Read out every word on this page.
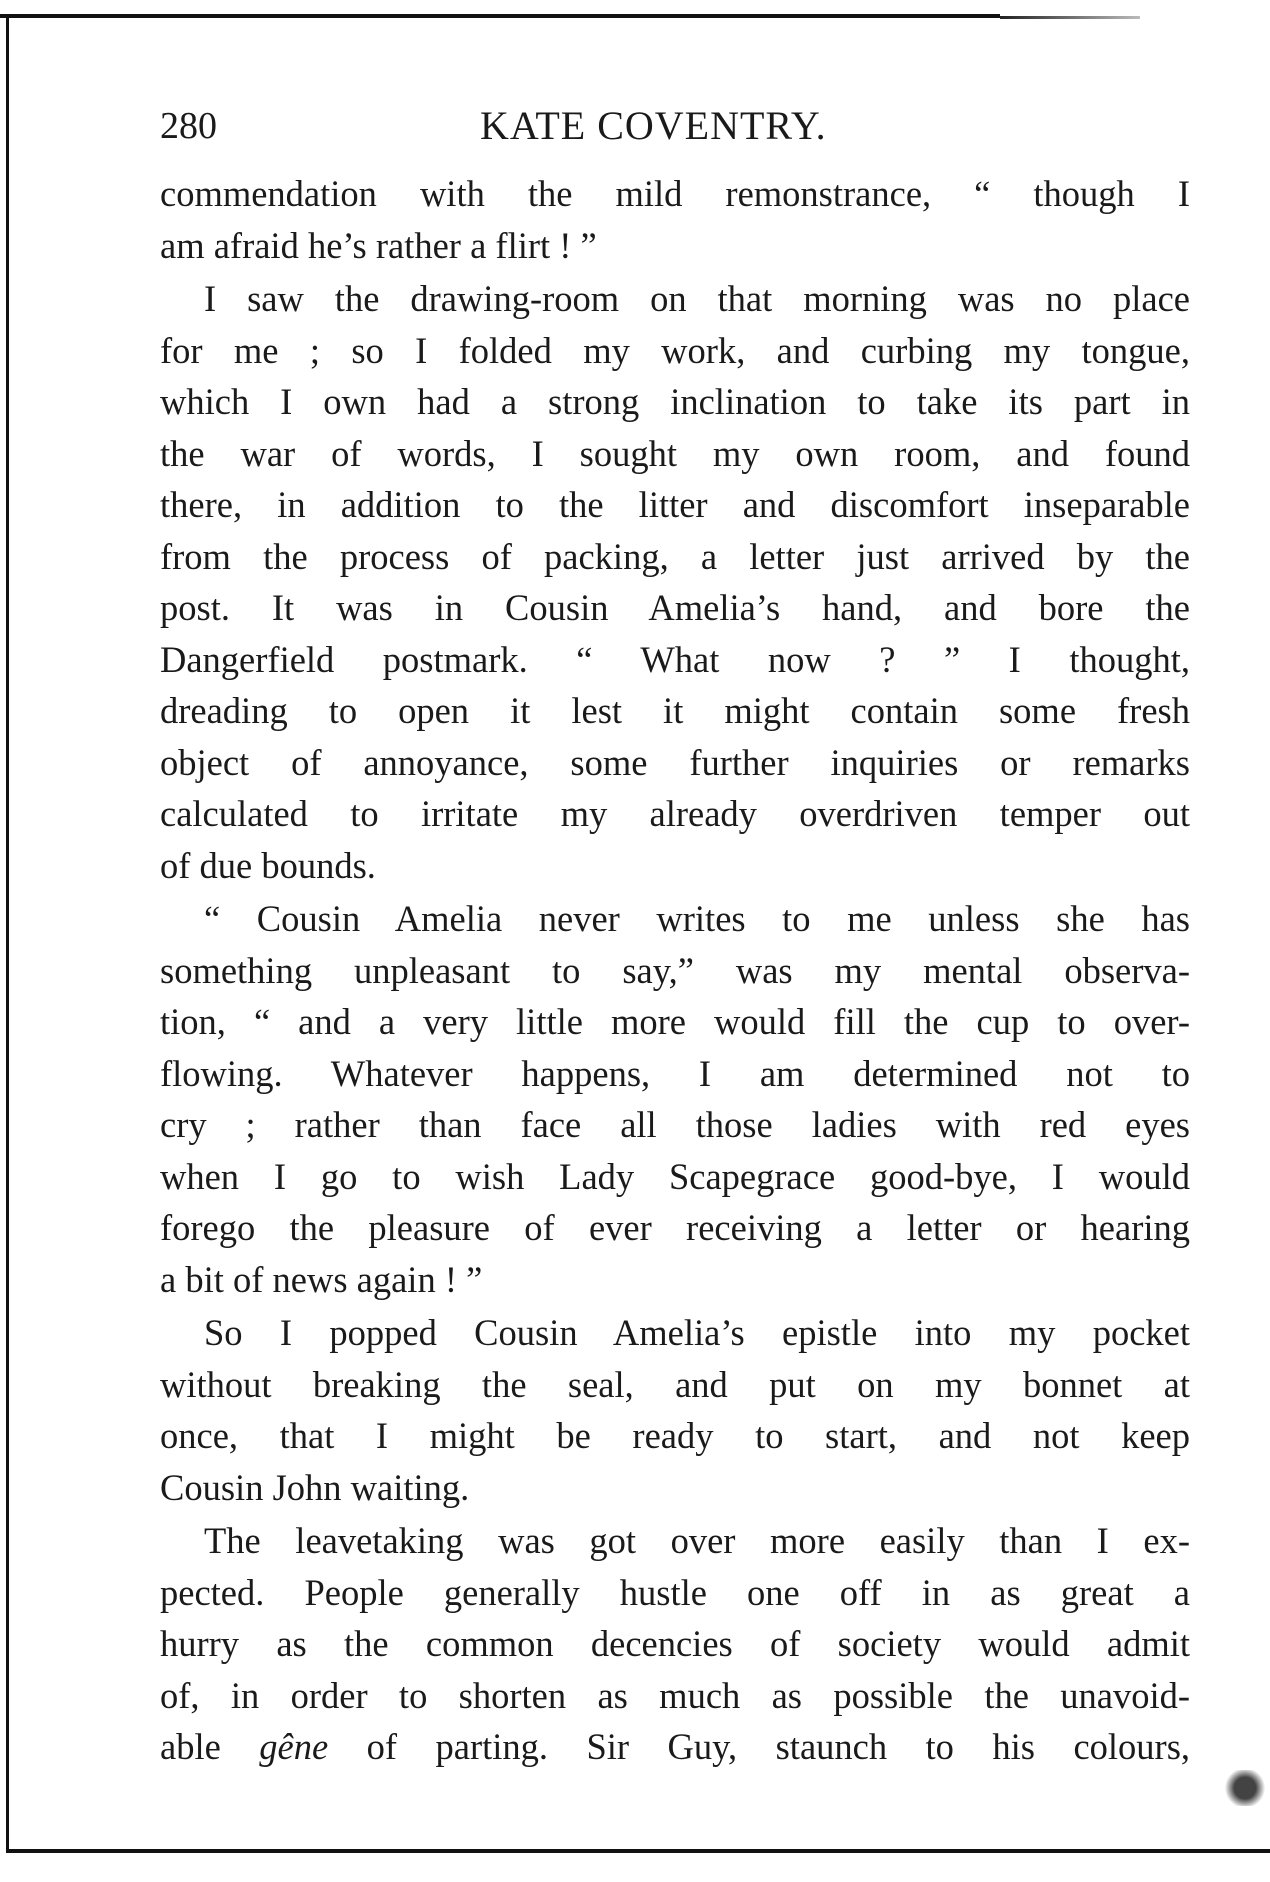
280	KATE COVENTRY.
commendation with the mild remonstrance, “ though I
am afraid he’s rather a flirt ! ”
I saw the drawing-room on that morning was no place
for me ; so I folded my work, and curbing my tongue,
which I own had a strong inclination to take its part in
the war of words, I sought my own room, and found
there, in addition to the litter and discomfort inseparable
from the process of packing, a letter just arrived by the
post. It was in Cousin Amelia’s hand, and bore the
Dangerfield postmark. “ What now ? ” I thought,
dreading to open it lest it might contain some fresh
object of annoyance, some further inquiries or remarks
calculated to irritate my already overdriven temper out
of due bounds.
“ Cousin Amelia never writes to me unless she has
something unpleasant to say,” was my mental observa-
tion, “ and a very little more would fill the cup to over-
flowing. Whatever happens, I am determined not to
cry ; rather than face all those ladies with red eyes
when I go to wish Lady Scapegrace good-bye, I would
forego the pleasure of ever receiving a letter or hearing
a bit of news again ! ”
So I popped Cousin Amelia’s epistle into my pocket
without breaking the seal, and put on my bonnet at
once, that I might be ready to start, and not keep
Cousin John waiting.
The leavetaking was got over more easily than I ex-
pected. People generally hustle one off in as great a
hurry as the common decencies of society would admit
of, in order to shorten as much as possible the unavoid-
able gêne of parting. Sir Guy, staunch to his colours,
